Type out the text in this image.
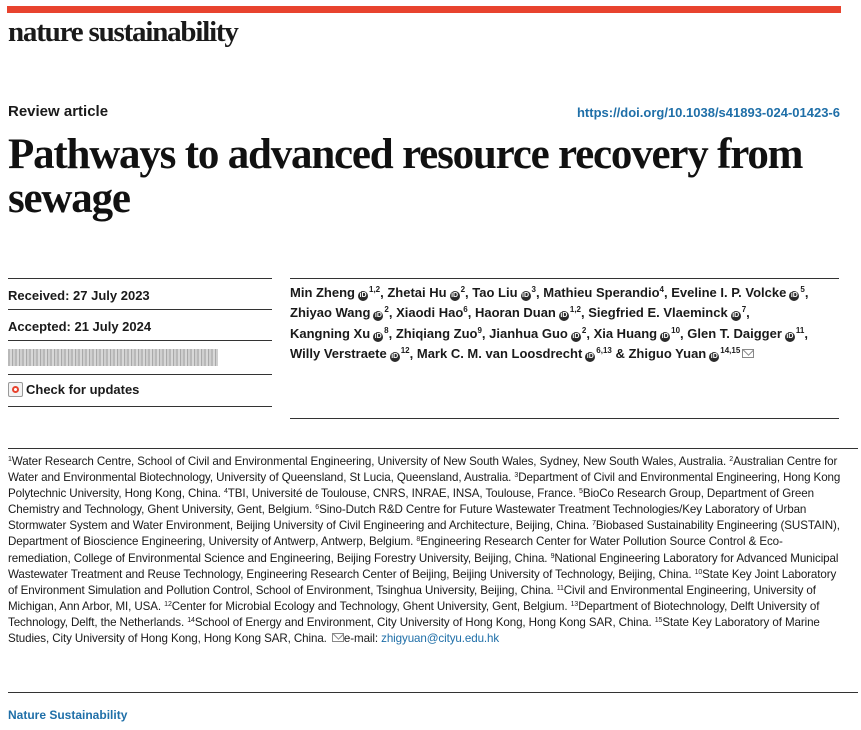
nature sustainability
Review article	https://doi.org/10.1038/s41893-024-01423-6
Pathways to advanced resource recovery from sewage
Received: 27 July 2023
Accepted: 21 July 2024
Check for updates
Min Zheng iD$^{1,2}$, Zhetai Hu $iD^2$, Tao Liu $iD^3$, Mathieu Sperandio$^4$, Eveline I. P. Volcke $iD^5$, Zhiyao Wang $iD^2$, Xiaodi Hao$^6$, Haoran Duan iD$^{1,2}$, Siegfried E. Vlaeminck $iD^7$, Kangning Xu $iD^8$, Zhiqiang Zuo$^9$, Jianhua Guo $iD^2$, Xia Huang $iD^{10}$, Glen T. Daigger $iD^{11}$, Willy Verstraete $iD^{12}$, Mark C. M. van Loosdrecht iD$^{6,13}$ & Zhiguo Yuan iD$^{14,15}$
$^1$Water Research Centre, School of Civil and Environmental Engineering, University of New South Wales, Sydney, New South Wales, Australia. $^2$Australian Centre for Water and Environmental Biotechnology, University of Queensland, St Lucia, Queensland, Australia. $^3$Department of Civil and Environmental Engineering, Hong Kong Polytechnic University, Hong Kong, China. $^4$TBI, Université de Toulouse, CNRS, INRAE, INSA, Toulouse, France. $^5$BioCo Research Group, Department of Green Chemistry and Technology, Ghent University, Gent, Belgium. $^6$Sino-Dutch R&D Centre for Future Wastewater Treatment Technologies/Key Laboratory of Urban Stormwater System and Water Environment, Beijing University of Civil Engineering and Architecture, Beijing, China. $^7$Biobased Sustainability Engineering (SUSTAIN), Department of Bioscience Engineering, University of Antwerp, Antwerp, Belgium. $^8$Engineering Research Center for Water Pollution Source Control & Eco-remediation, College of Environmental Science and Engineering, Beijing Forestry University, Beijing, China. $^9$National Engineering Laboratory for Advanced Municipal Wastewater Treatment and Reuse Technology, Engineering Research Center of Beijing, Beijing University of Technology, Beijing, China. $^{10}$State Key Joint Laboratory of Environment Simulation and Pollution Control, School of Environment, Tsinghua University, Beijing, China. $^{11}$Civil and Environmental Engineering, University of Michigan, Ann Arbor, MI, USA. $^{12}$Center for Microbial Ecology and Technology, Ghent University, Gent, Belgium. $^{13}$Department of Biotechnology, Delft University of Technology, Delft, the Netherlands. $^{14}$School of Energy and Environment, City University of Hong Kong, Hong Kong SAR, China. $^{15}$State Key Laboratory of Marine Studies, City University of Hong Kong, Hong Kong SAR, China. e-mail: zhigyuan@cityu.edu.hk
Nature Sustainability
